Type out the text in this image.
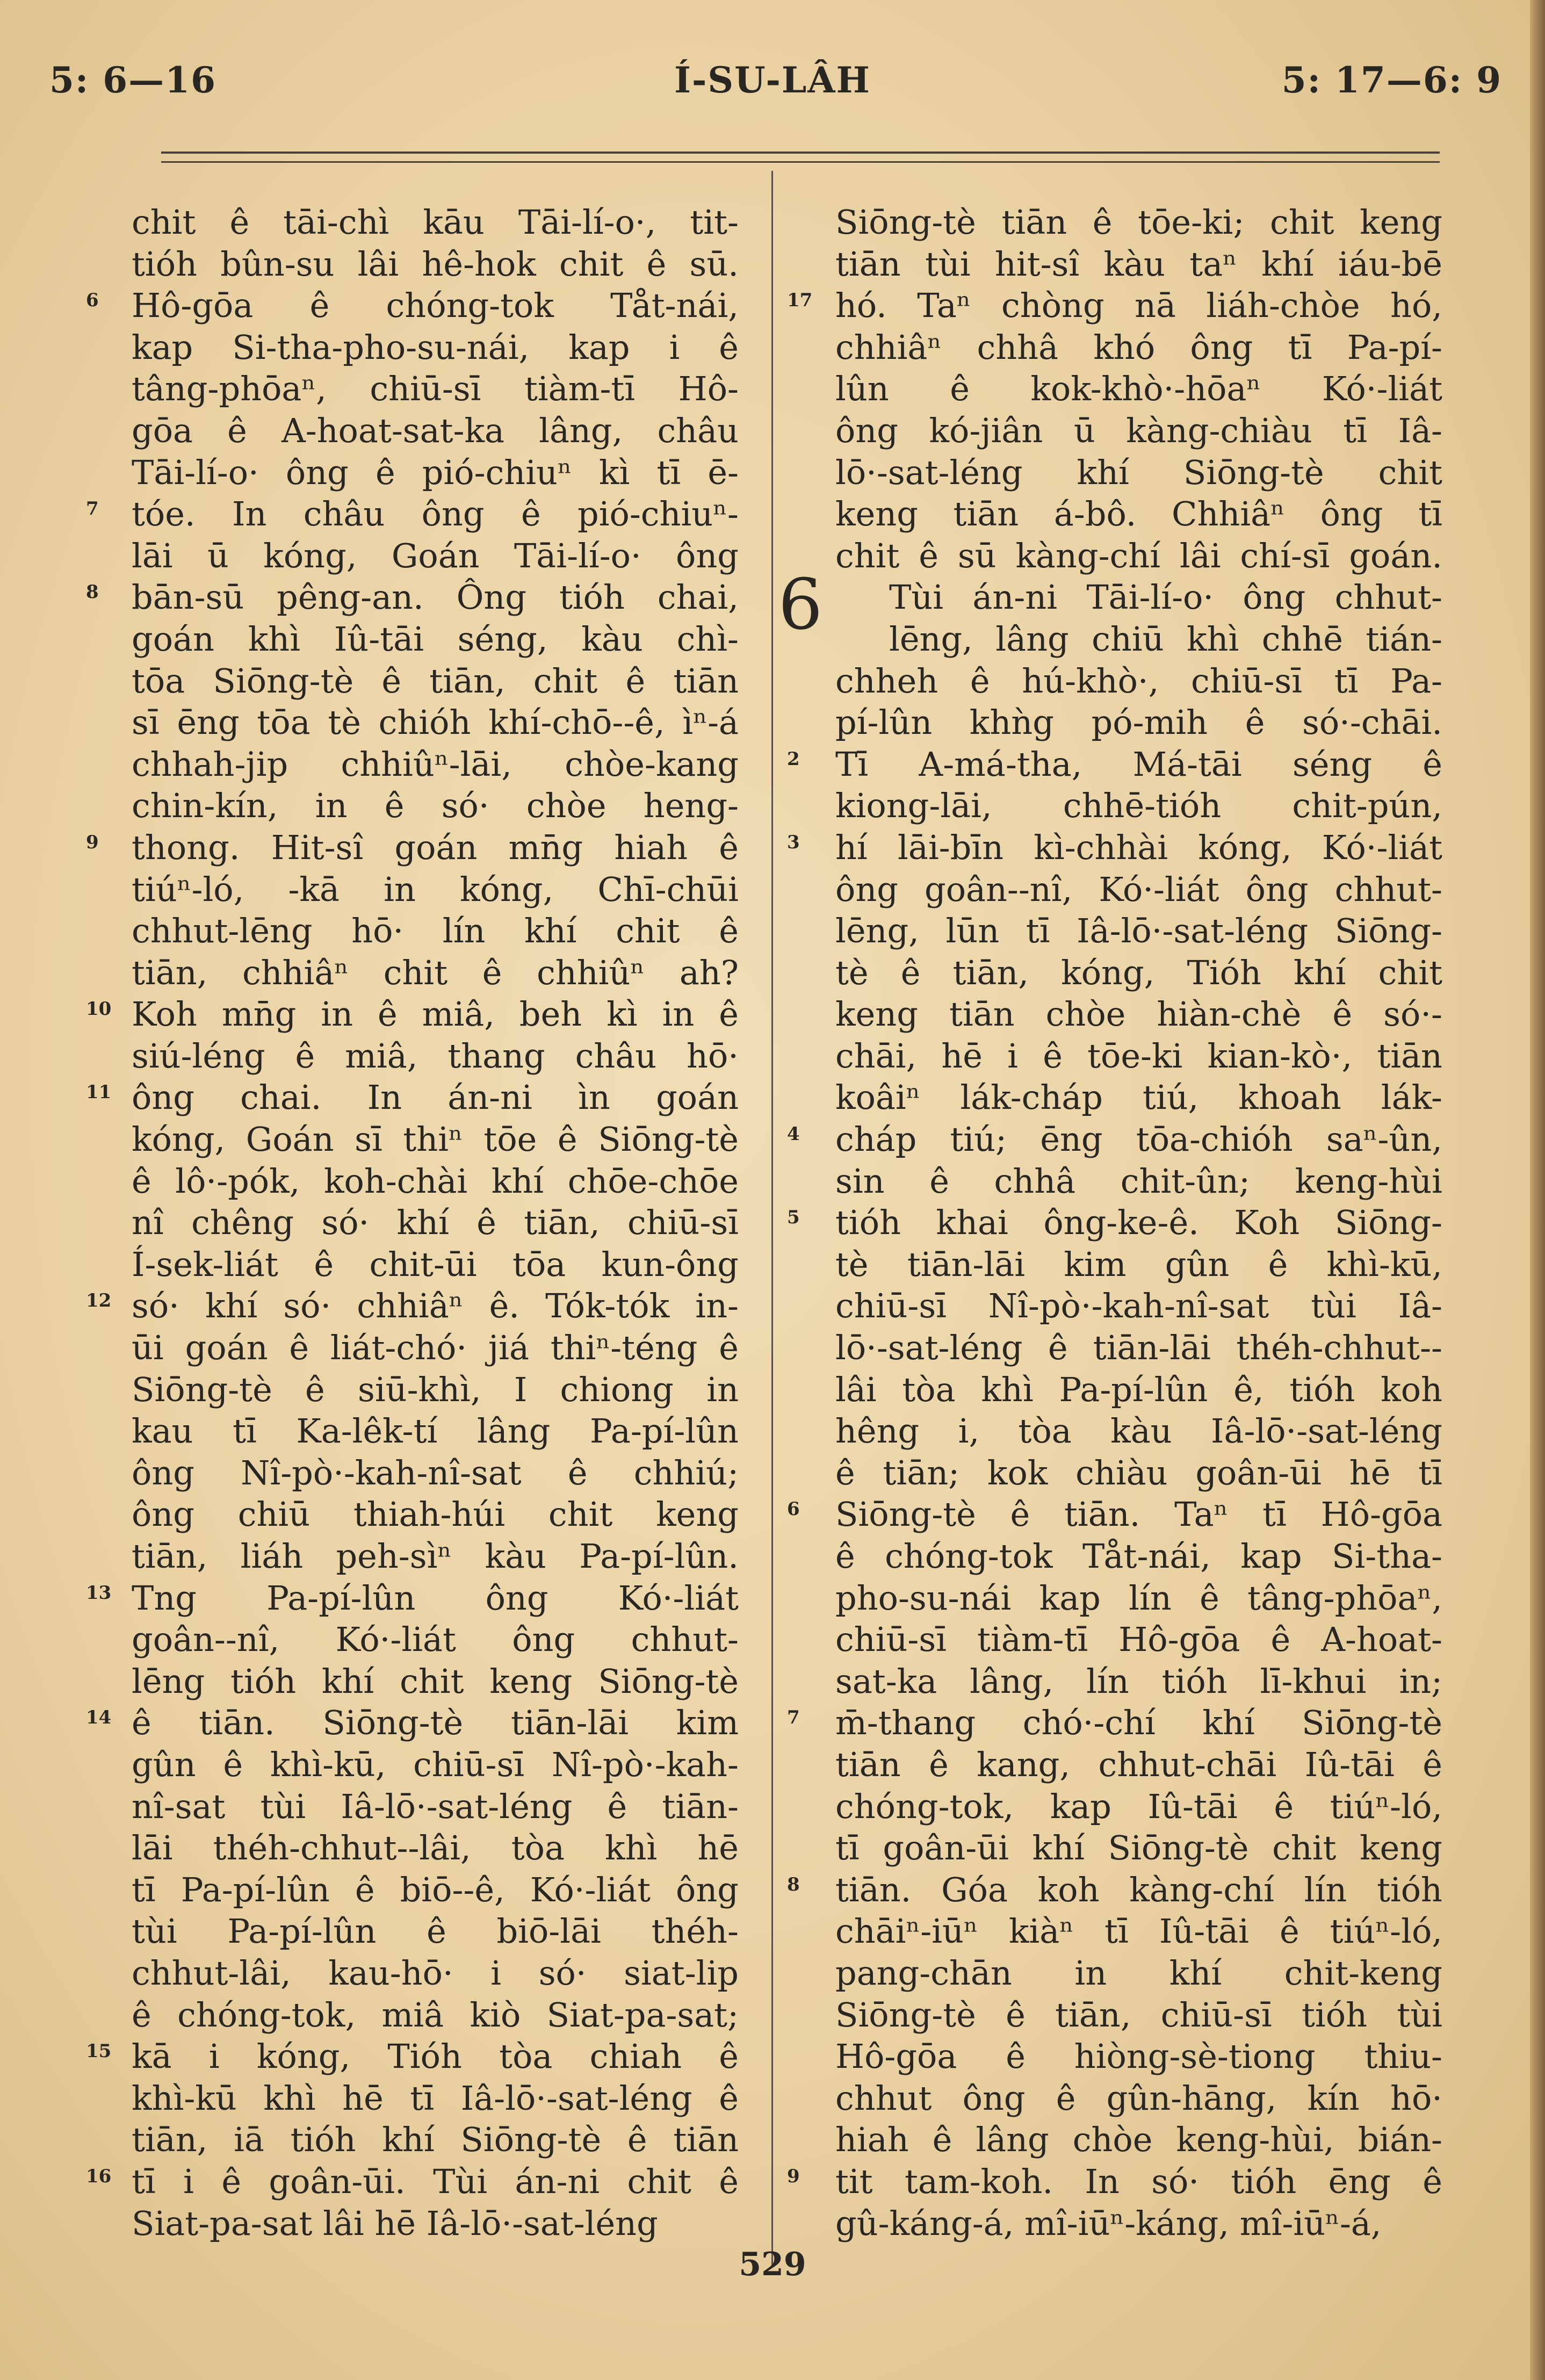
5: 6—16	Í-SU-LÂH	5: 17—6: 9
chit ê tāi-chì kāu Tāi-lí-o·, tit-
tióh bûn-su lâi hê-hok chit ê sū.
6 Hô-gōa ê chóng-tok Tåt-nái,
kap Si-tha-pho-su-nái, kap i ê
tâng-phōaⁿ, chiū-sī tiàm-tī Hô-
gōa ê A-hoat-sat-ka lâng, châu
Tāi-lí-o· ông ê pió-chiuⁿ kì tī ē-
7 tóe. In châu ông ê pió-chiuⁿ-
lāi ū kóng, Goán Tāi-lí-o· ông
8 bān-sū pêng-an. Ông tióh chai,
goán khì Iû-tāi séng, kàu chì-
tōa Siōng-tè ê tiān, chit ê tiān
sī ēng tōa tè chióh khí-chō--ê, ìⁿ-á
chhah-jip chhiûⁿ-lāi, chòe-kang
chin-kín, in ê só· chòe heng-
9 thong. Hit-sî goán mn̄g hiah ê
tiúⁿ-ló, -kā in kóng, Chī-chūi
chhut-lēng hō· lín khí chit ê
tiān, chhiâⁿ chit ê chhiûⁿ ah?
10 Koh mn̄g in ê miâ, beh kì in ê
siú-léng ê miâ, thang châu hō·
11 ông chai. In án-ni ìn goán
kóng, Goán sī thiⁿ tōe ê Siōng-tè
ê lô·-pók, koh-chài khí chōe-chōe
nî chêng só· khí ê tiān, chiū-sī
Í-sek-liát ê chit-ūi tōa kun-ông
12 só· khí só· chhiâⁿ ê. Tók-tók in-
ūi goán ê liát-chó· jiá thiⁿ-téng ê
Siōng-tè ê siū-khì, I chiong in
kau tī Ka-lêk-tí lâng Pa-pí-lûn
ông Nî-pò·-kah-nî-sat ê chhiú;
ông chiū thiah-húi chit keng
tiān, liáh peh-sìⁿ kàu Pa-pí-lûn.
13 Tng Pa-pí-lûn ông Kó·-liát
goân--nî, Kó·-liát ông chhut-
lēng tióh khí chit keng Siōng-tè
14 ê tiān. Siōng-tè tiān-lāi kim
gûn ê khì-kū, chiū-sī Nî-pò·-kah-
nî-sat tùi Iâ-lō·-sat-léng ê tiān-
lāi théh-chhut--lâi, tòa khì hē
tī Pa-pí-lûn ê biō--ê, Kó·-liát ông
tùi Pa-pí-lûn ê biō-lāi théh-
chhut-lâi, kau-hō· i só· siat-lip
ê chóng-tok, miâ kiò Siat-pa-sat;
15 kā i kóng, Tióh tòa chiah ê
khì-kū khì hē tī Iâ-lō·-sat-léng ê
tiān, iā tióh khí Siōng-tè ê tiān
16 tī i ê goân-ūi. Tùi án-ni chit ê
Siat-pa-sat lâi hē Iâ-lō·-sat-léng
Siōng-tè tiān ê tōe-ki; chit keng
tiān tùi hit-sî kàu taⁿ khí iáu-bē
17 hó. Taⁿ chòng nā liáh-chòe hó,
chhiâⁿ chhâ khó ông tī Pa-pí-
lûn ê kok-khò·-hōaⁿ Kó·-liát
ông kó-jiân ū kàng-chiàu tī Iâ-
lō·-sat-léng khí Siōng-tè chit
keng tiān á-bô. Chhiâⁿ ông tī
chit ê sū kàng-chí lâi chí-sī goán.
Tùi án-ni Tāi-lí-o· ông chhut-
lēng, lâng chiū khì chhē tián-
chheh ê hú-khò·, chiū-sī tī Pa-
pí-lûn khǹg pó-mih ê só·-chāi.
2 Tī A-má-tha, Má-tāi séng ê
kiong-lāi, chhē-tióh chit-pún,
3 hí lāi-bīn kì-chhài kóng, Kó·-liát
ông goân--nî, Kó·-liát ông chhut-
lēng, lūn tī Iâ-lō·-sat-léng Siōng-
tè ê tiān, kóng, Tióh khí chit
keng tiān chòe hiàn-chè ê só·-
chāi, hē i ê tōe-ki kian-kò·, tiān
koâiⁿ lák-cháp tiú, khoah lák-
4 cháp tiú; ēng tōa-chióh saⁿ-ûn,
sin ê chhâ chit-ûn; keng-hùi
5 tióh khai ông-ke-ê. Koh Siōng-
tè tiān-lāi kim gûn ê khì-kū,
chiū-sī Nî-pò·-kah-nî-sat tùi Iâ-
lō·-sat-léng ê tiān-lāi théh-chhut--
lâi tòa khì Pa-pí-lûn ê, tióh koh
hêng i, tòa kàu Iâ-lō·-sat-léng
ê tiān; kok chiàu goân-ūi hē tī
6 Siōng-tè ê tiān. Taⁿ tī Hô-gōa
ê chóng-tok Tåt-nái, kap Si-tha-
pho-su-nái kap lín ê tâng-phōaⁿ,
chiū-sī tiàm-tī Hô-gōa ê A-hoat-
sat-ka lâng, lín tióh lī-khui in;
7 m̄-thang chó·-chí khí Siōng-tè
tiān ê kang, chhut-chāi Iû-tāi ê
chóng-tok, kap Iû-tāi ê tiúⁿ-ló,
tī goân-ūi khí Siōng-tè chit keng
8 tiān. Góa koh kàng-chí lín tióh
chāiⁿ-iūⁿ kiàⁿ tī Iû-tāi ê tiúⁿ-ló,
pang-chān in khí chit-keng
Siōng-tè ê tiān, chiū-sī tióh tùi
Hô-gōa ê hiòng-sè-tiong thiu-
chhut ông ê gûn-hāng, kín hō·
hiah ê lâng chòe keng-hùi, bián-
9 tit tam-koh. In só· tióh ēng ê
gû-káng-á, mî-iūⁿ-káng, mî-iūⁿ-á,
6
529
